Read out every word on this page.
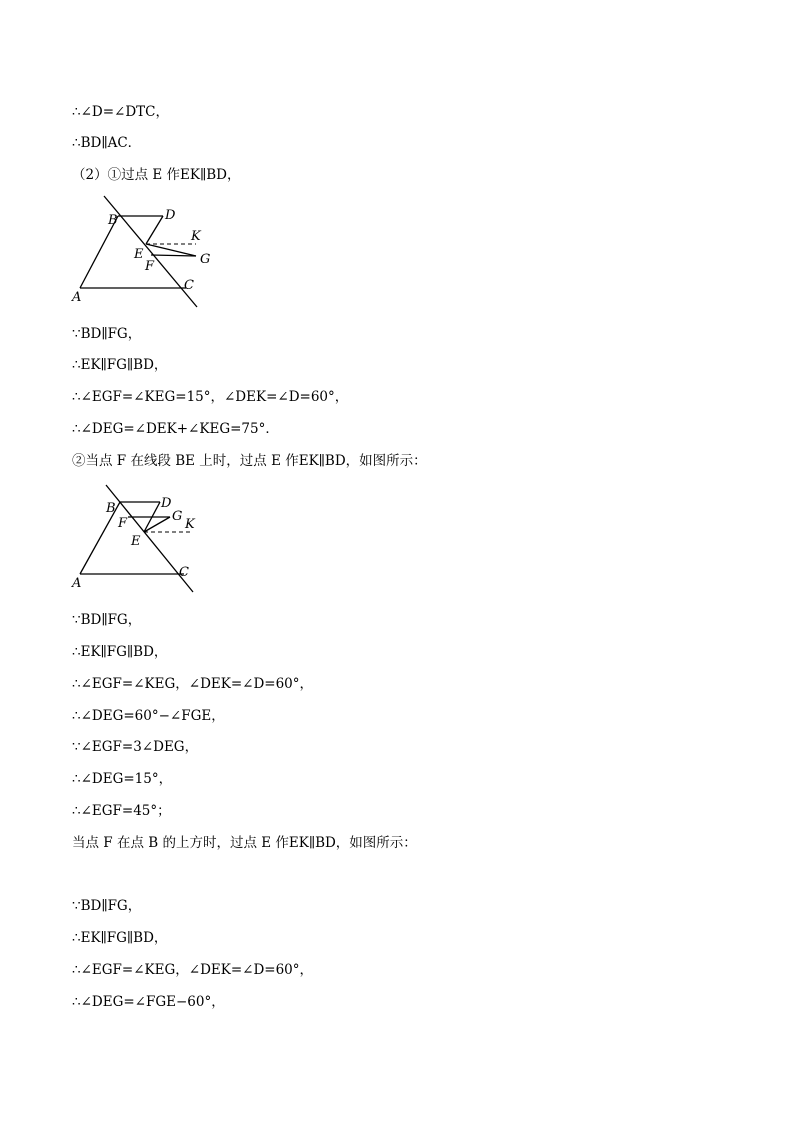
∴∠D=∠DTC，
∴BD∥AC．
（2）①过点 E 作EK∥BD，
B	D
K
E
F	G
A
C
∵BD∥FG，
∴EK∥FG∥BD，
∴∠EGF=∠KEG=15°，∠DEK=∠D=60°，
∴∠DEG=∠DEK+∠KEG=75°．
②当点 F 在线段 BE 上时，过点 E 作EK∥BD，如图所示：
B	D
F	G
K
E
A
C
∵BD∥FG，
∴EK∥FG∥BD，
∴∠EGF=∠KEG，∠DEK=∠D=60°，
∴∠DEG=60°−∠FGE，
∵∠EGF=3∠DEG，
∴∠DEG=15°，
∴∠EGF=45°；
当点 F 在点 B 的上方时，过点 E 作EK∥BD，如图所示：
∵BD∥FG，
∴EK∥FG∥BD，
∴∠EGF=∠KEG，∠DEK=∠D=60°，
∴∠DEG=∠FGE−60°，
